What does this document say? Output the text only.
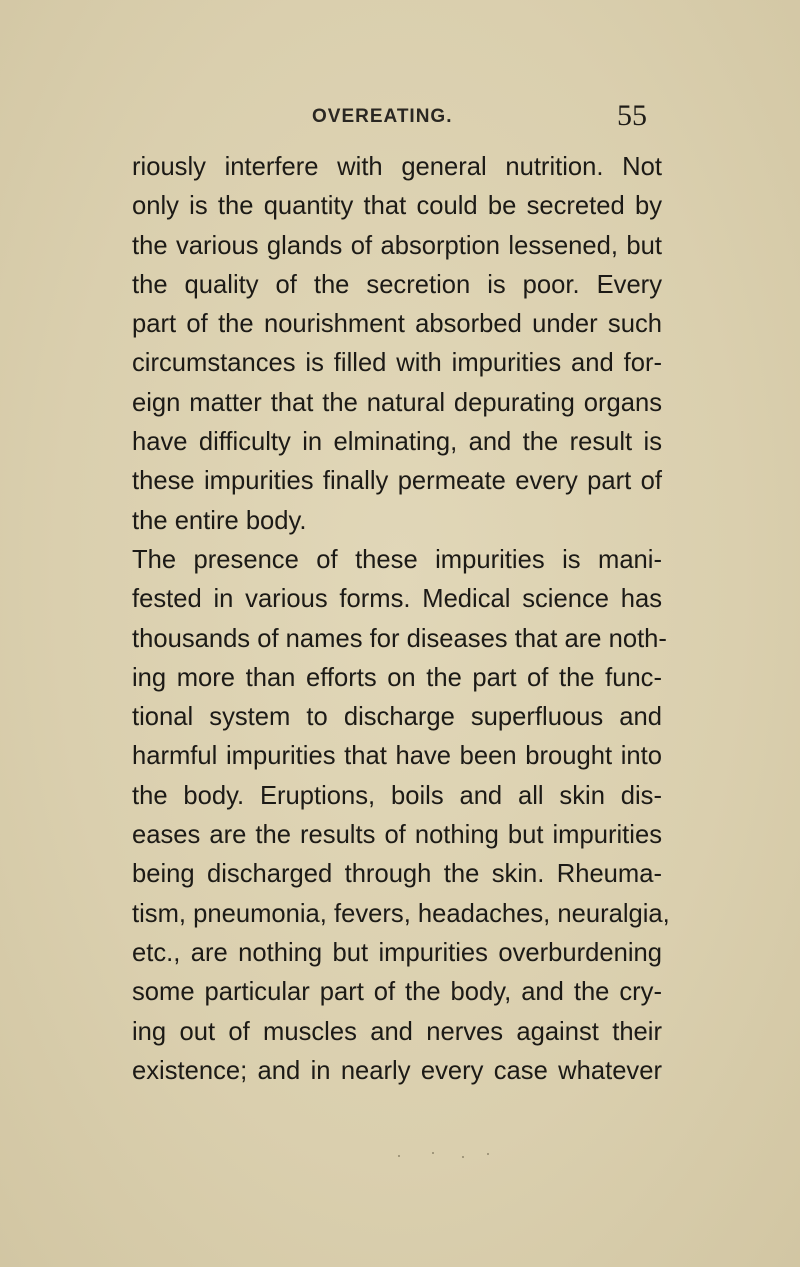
OVEREATING.	55
riously interfere with general nutrition. Not
only is the quantity that could be secreted by
the various glands of absorption lessened, but
the quality of the secretion is poor. Every
part of the nourishment absorbed under such
circumstances is filled with impurities and for-
eign matter that the natural depurating organs
have difficulty in elminating, and the result is
these impurities finally permeate every part of
the entire body.
The presence of these impurities is mani-
fested in various forms. Medical science has
thousands of names for diseases that are noth-
ing more than efforts on the part of the func-
tional system to discharge superfluous and
harmful impurities that have been brought into
the body. Eruptions, boils and all skin dis-
eases are the results of nothing but impurities
being discharged through the skin. Rheuma-
tism, pneumonia, fevers, headaches, neuralgia,
etc., are nothing but impurities overburdening
some particular part of the body, and the cry-
ing out of muscles and nerves against their
existence; and in nearly every case whatever
